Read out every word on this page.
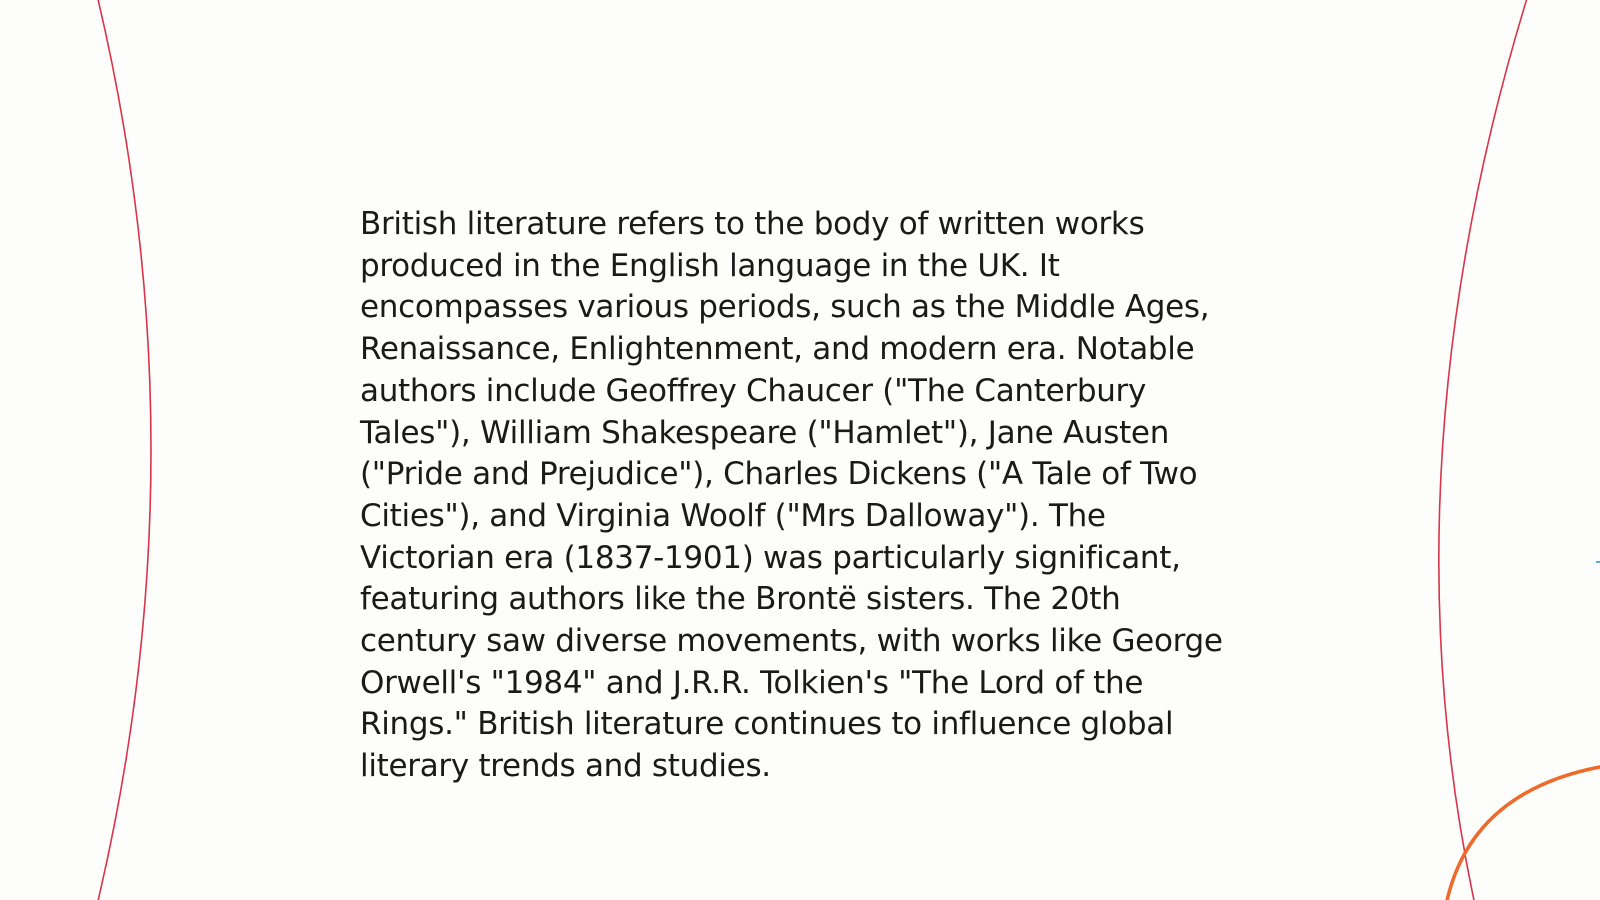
British literature refers to the body of written works produced in the English language in the UK. It encompasses various periods, such as the Middle Ages, Renaissance, Enlightenment, and modern era. Notable authors include Geoffrey Chaucer ("The Canterbury Tales"), William Shakespeare ("Hamlet"), Jane Austen ("Pride and Prejudice"), Charles Dickens ("A Tale of Two Cities"), and Virginia Woolf ("Mrs Dalloway"). The Victorian era (1837-1901) was particularly significant, featuring authors like the Brontë sisters. The 20th century saw diverse movements, with works like George Orwell's "1984" and J.R.R. Tolkien's "The Lord of the Rings." British literature continues to influence global literary trends and studies.
